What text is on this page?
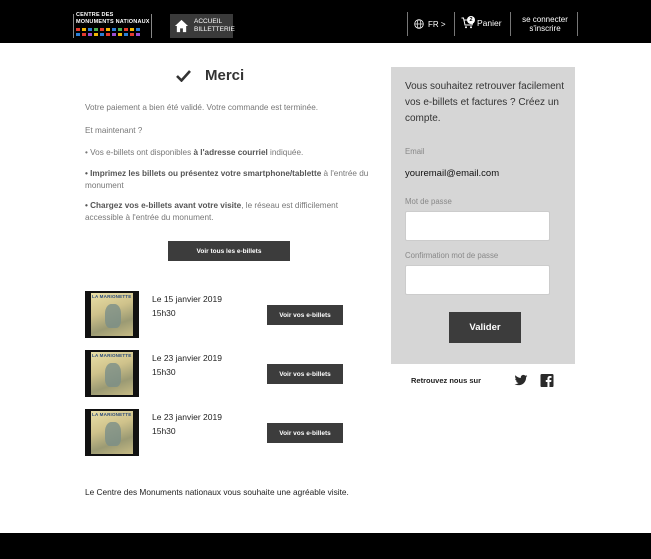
CENTRE DES MONUMENTS NATIONAUX	ACCUEIL
BILLETTERIE
FR >	2 Panier	se connecter
s'inscrire
Merci
Votre paiement a bien été validé. Votre commande est terminée.
Et maintenant ?
• Vos e-billets ont disponibles à l'adresse courriel indiquée.
• Imprimez les billets ou présentez votre smartphone/tablette à l'entrée du monument
• Chargez vos e-billets avant votre visite, le réseau est difficilement accessible à l'entrée du monument.
Voir tous les e-billets
LA MARIONETTE Le 15 janvier 2019
15h30	Voir vos e-billets
LA MARIONETTE Le 23 janvier 2019
15h30	Voir vos e-billets
LA MARIONETTE Le 23 janvier 2019
15h30	Voir vos e-billets
Le Centre des Monuments nationaux vous souhaite une agréable visite.
Vous souhaitez retrouver facilement vos e-billets et factures ? Créez un compte.
Email
youremail@email.com
Mot de passe
Confirmation mot de passe
Valider
Retrouvez nous sur
